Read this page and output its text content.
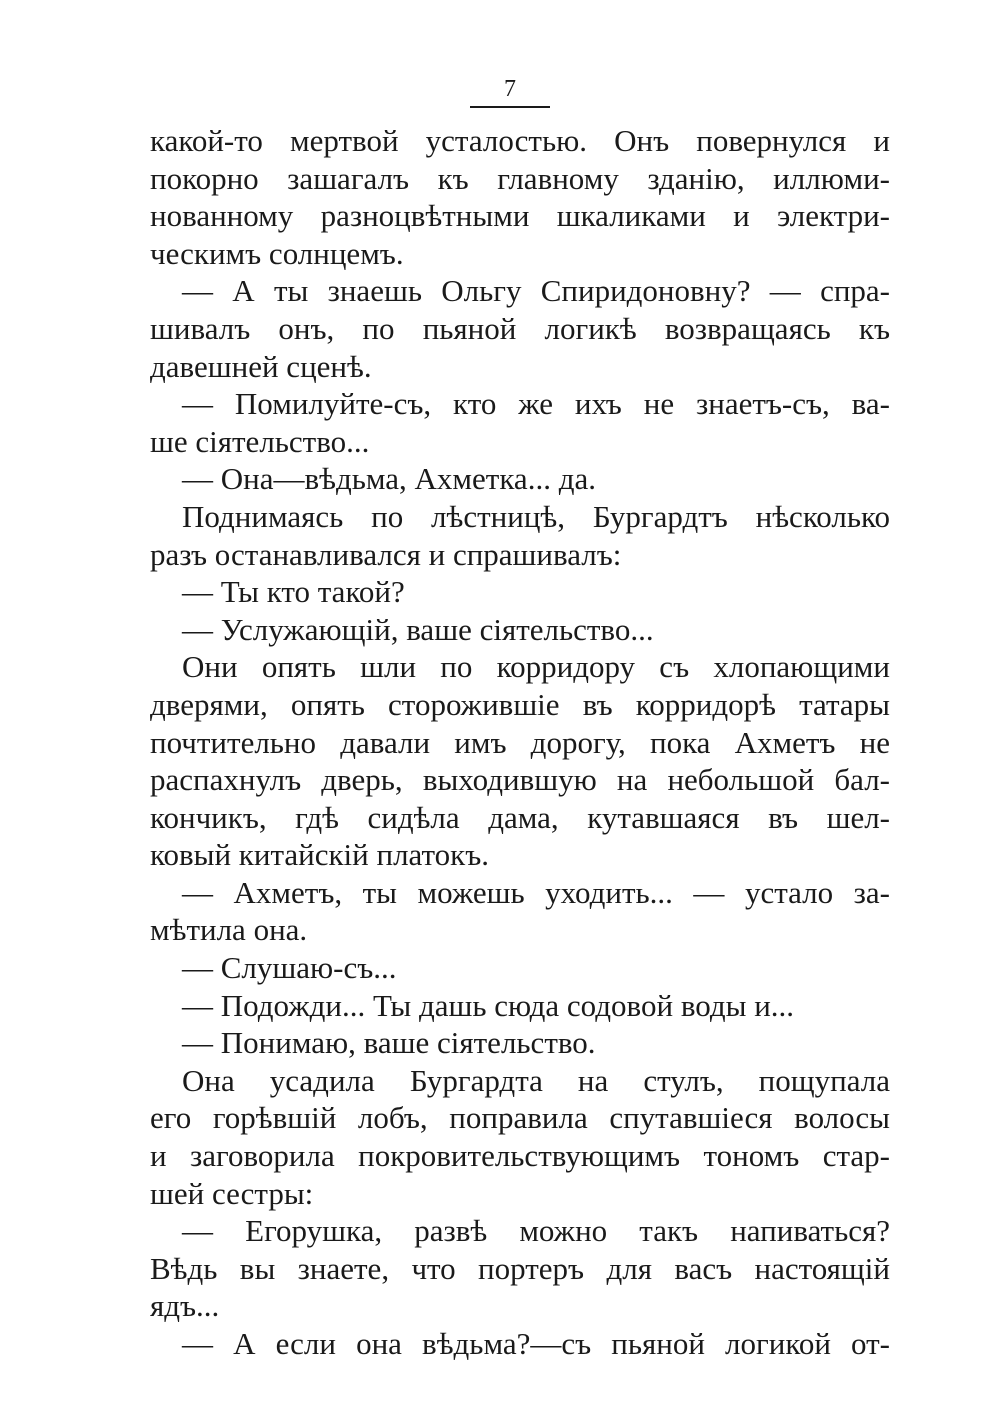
7
какой-то мертвой усталостью. Онъ повернулся и
покорно зашагалъ къ главному зданію, иллюми-
нованному разноцвѣтными шкаликами и электри-
ческимъ солнцемъ.
— А ты знаешь Ольгу Спиридоновну? — спра-
шивалъ онъ, по пьяной логикѣ возвращаясь къ
давешней сценѣ.
— Помилуйте-съ, кто же ихъ не знаетъ-съ, ва-
ше сіятельство...
— Она—вѣдьма, Ахметка... да.
Поднимаясь по лѣстницѣ, Бургардтъ нѣсколько
разъ останавливался и спрашивалъ:
— Ты кто такой?
— Услужающій, ваше сіятельство...
Они опять шли по корридору съ хлопающими
дверями, опять сторожившіе въ корридорѣ татары
почтительно давали имъ дорогу, пока Ахметъ не
распахнулъ дверь, выходившую на небольшой бал-
кончикъ, гдѣ сидѣла дама, кутавшаяся въ шел-
ковый китайскій платокъ.
— Ахметъ, ты можешь уходить... — устало за-
мѣтила она.
— Слушаю-съ...
— Подожди... Ты дашь сюда содовой воды и...
— Понимаю, ваше сіятельство.
Она усадила Бургардта на стулъ, пощупала
его горѣвшій лобъ, поправила спутавшіеся волосы
и заговорила покровительствующимъ тономъ стар-
шей сестры:
— Егорушка, развѣ можно такъ напиваться?
Вѣдь вы знаете, что портеръ для васъ настоящій
ядъ...
— А если она вѣдьма?—съ пьяной логикой от-
